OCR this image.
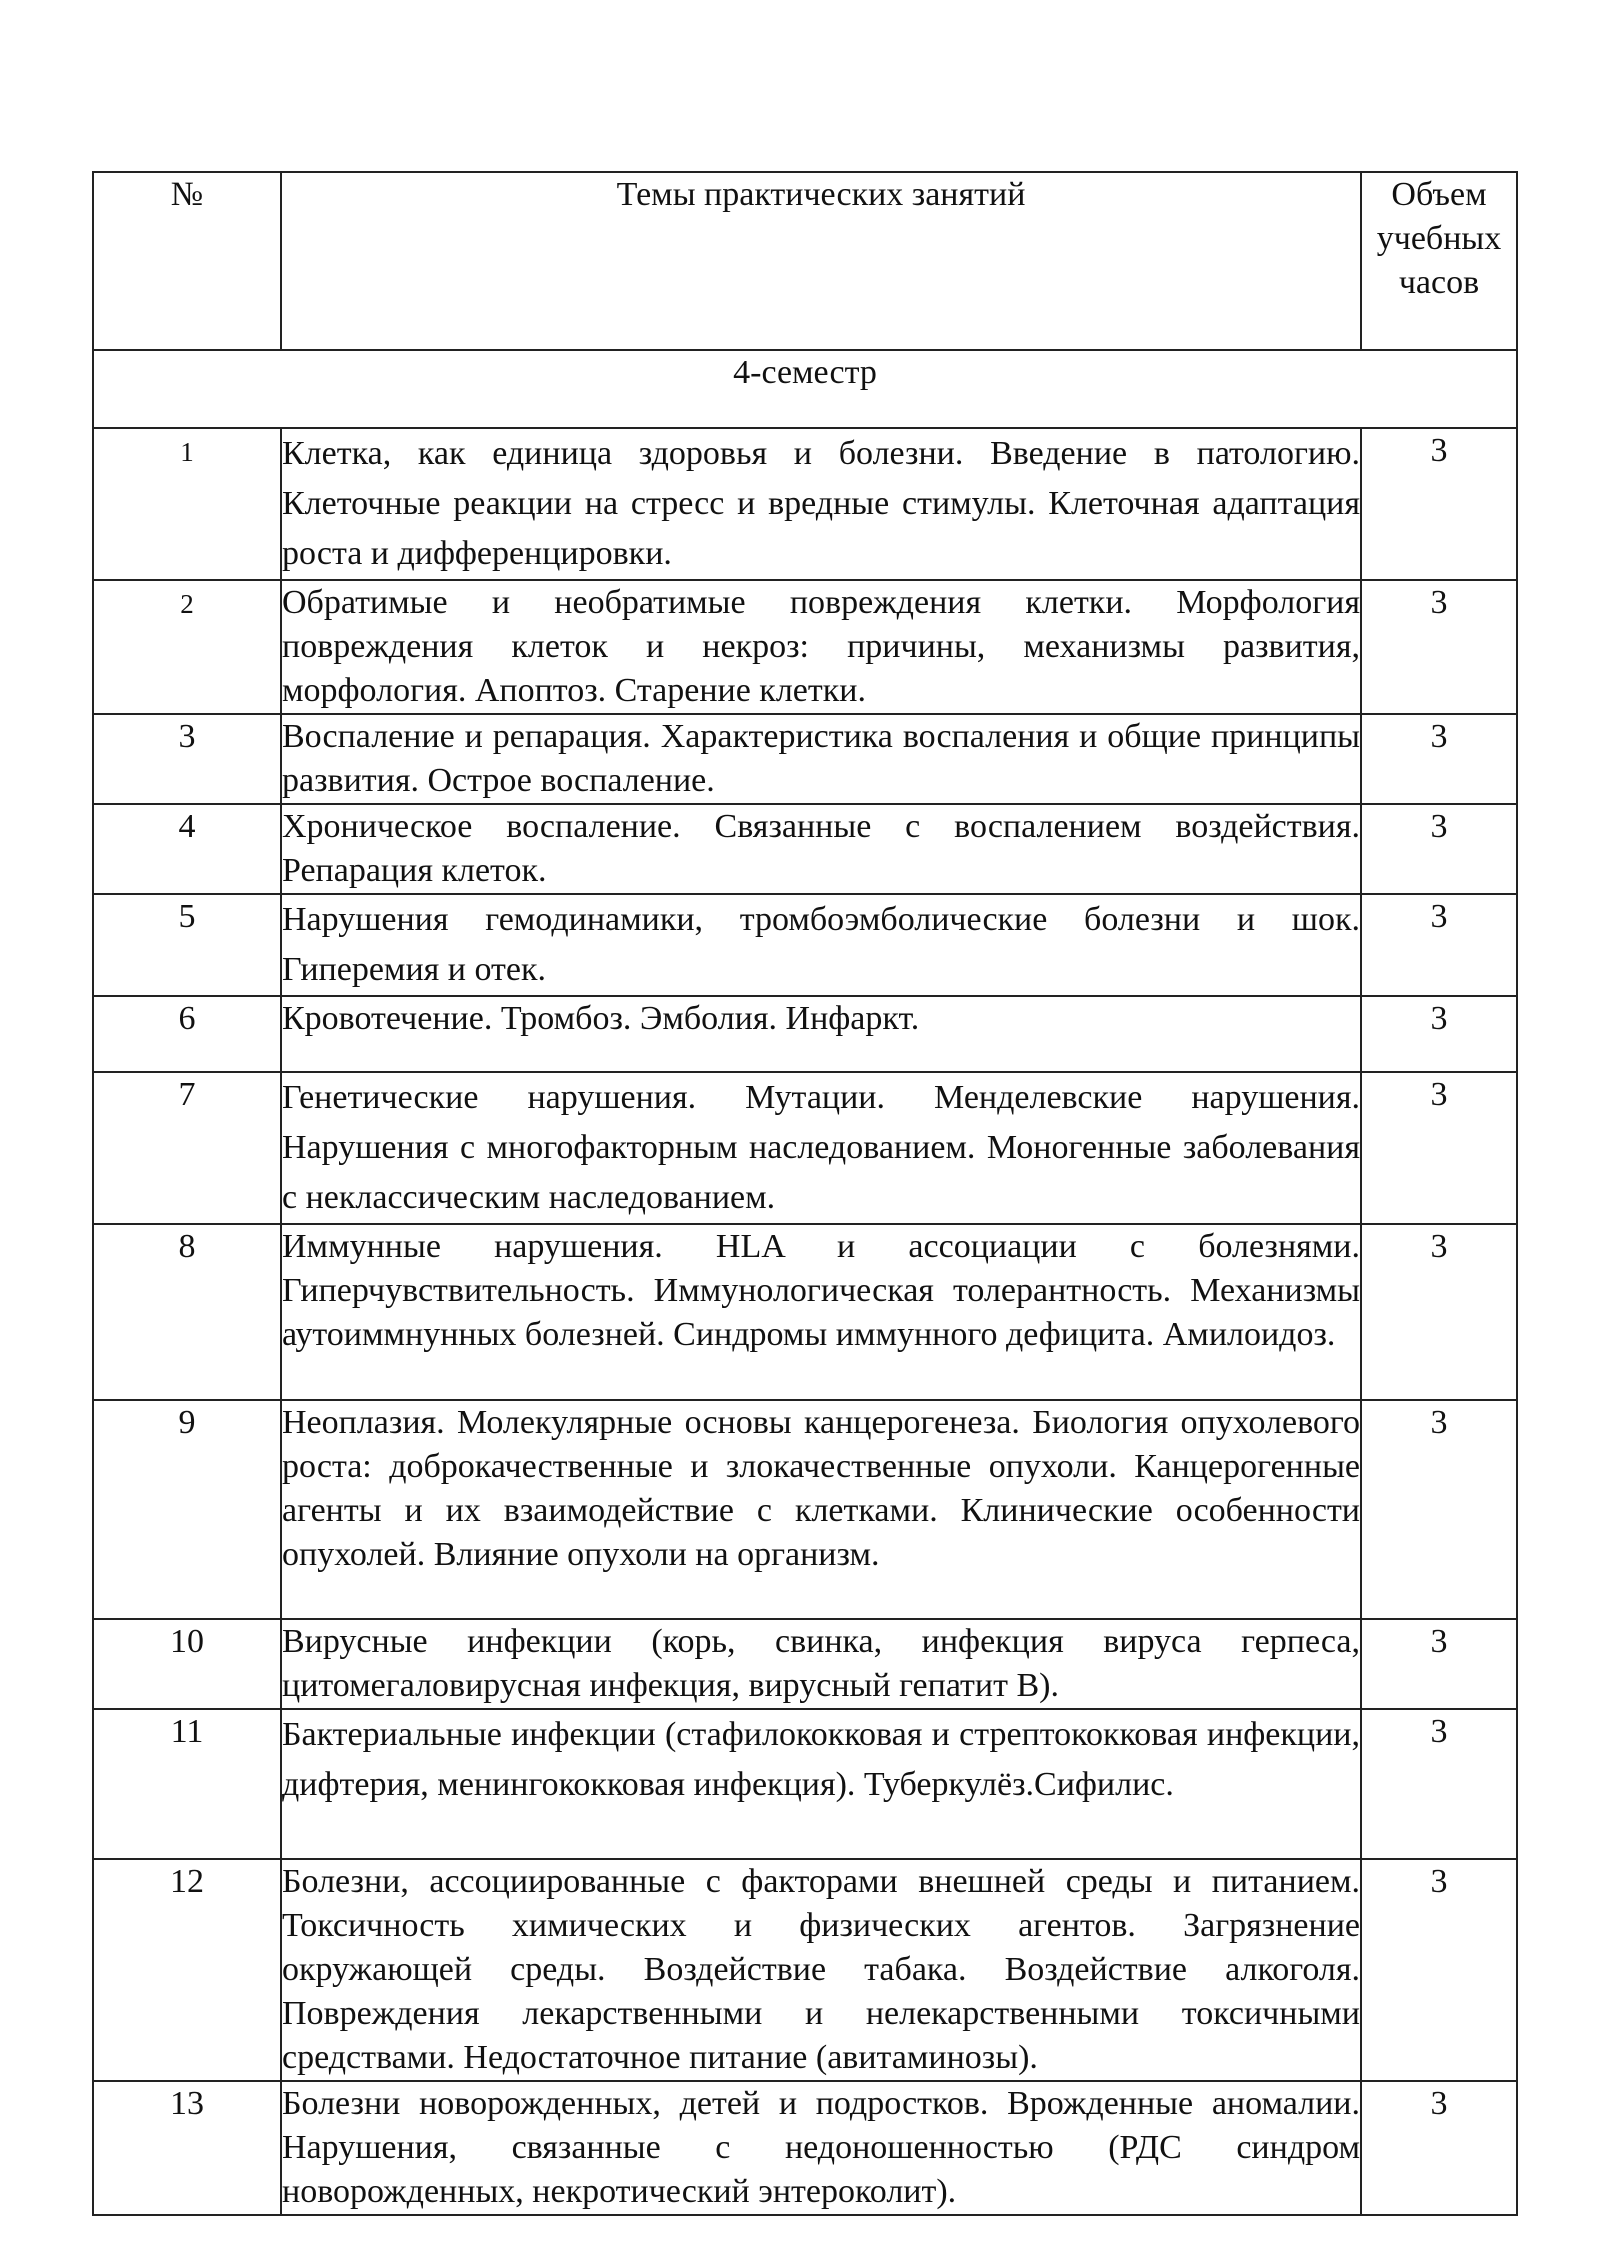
№	Темы практических занятий	Объем
учебных
часов

4-семестр		
1	Клетка, как единица здоровья и болезни. Введение в патологию. Клеточные реакции на стресс и вредные стимулы. Клеточная адаптация роста и дифференцировки.	3
2	Обратимые и необратимые повреждения клетки. Морфология повреждения клеток и некроз: причины, механизмы развития, морфология. Апоптоз. Старение клетки.	3
3	Воспаление и репарация. Характеристика воспаления и общие принципы развития. Острое воспаление.	3
4	Хроническое воспаление. Связанные с воспалением воздействия. Репарация клеток.	3
5	Нарушения гемодинамики, тромбоэмболические болезни и шок. Гиперемия и отек.	3
6	Кровотечение. Тромбоз. Эмболия. Инфаркт.	3
7	Генетические нарушения. Мутации. Менделевские нарушения. Нарушения с многофакторным наследованием. Моногенные заболевания с неклассическим наследованием.	3
8	Иммунные нарушения. HLA и ассоциации с болезнями. Гиперчувствительность. Иммунологическая толерантность. Механизмы аутоиммнунных болезней. Синдромы иммунного дефицита. Амилоидоз.	3
9	Неоплазия. Молекулярные основы канцерогенеза. Биология опухолевого роста: доброкачественные и злокачественные опухоли. Канцерогенные агенты и их взаимодействие с клетками. Клинические особенности опухолей. Влияние опухоли на организм.	3
10	Вирусные инфекции (корь, свинка, инфекция вируса герпеса, цитомегаловирусная инфекция, вирусный гепатит В).	3
11	Бактериальные инфекции (стафилококковая и стрептококковая инфекции, дифтерия, менингококковая инфекция). Туберкулёз.Сифилис.	3
12	Болезни, ассоциированные с факторами внешней среды и питанием. Токсичность химических и физических агентов. Загрязнение окружающей среды. Воздействие табака. Воздействие алкоголя. Повреждения лекарственными и нелекарственными токсичными средствами. Недостаточное питание (авитаминозы).	3
13	Болезни новорожденных, детей и подростков. Врожденные аномалии. Нарушения, связанные с недоношенностью (РДС синдром новорожденных, некротический энтероколит).	3
